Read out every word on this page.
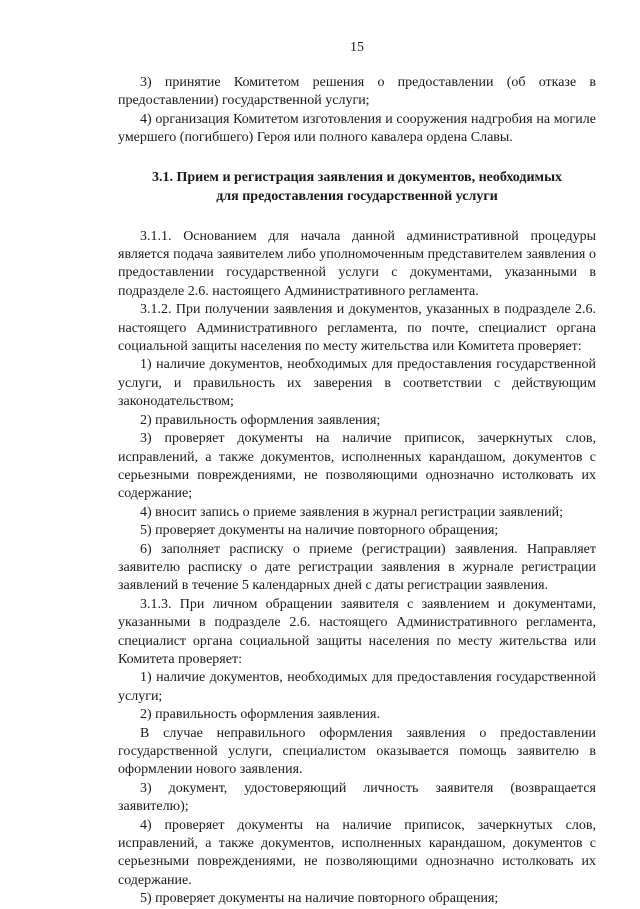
15

3) принятие Комитетом решения о предоставлении (об отказе в предоставлении) государственной услуги;

4) организация Комитетом изготовления и сооружения надгробия на могиле умершего (погибшего) Героя или полного кавалера ордена Славы.

3.1. Прием и регистрация заявления и документов, необходимых
для предоставления государственной услуги

3.1.1. Основанием для начала данной административной процедуры является подача заявителем либо уполномоченным представителем заявления о предоставлении государственной услуги с документами, указанными в подразделе 2.6. настоящего Административного регламента.

3.1.2. При получении заявления и документов, указанных в подразделе 2.6. настоящего Административного регламента, по почте, специалист органа социальной защиты населения по месту жительства или Комитета проверяет:

1) наличие документов, необходимых для предоставления государственной услуги, и правильность их заверения в соответствии с действующим законодательством;

2) правильность оформления заявления;

3) проверяет документы на наличие приписок, зачеркнутых слов, исправлений, а также документов, исполненных карандашом, документов с серьезными повреждениями, не позволяющими однозначно истолковать их содержание;

4) вносит запись о приеме заявления в журнал регистрации заявлений;

5) проверяет документы на наличие повторного обращения;

6) заполняет расписку о приеме (регистрации) заявления. Направляет заявителю расписку о дате регистрации заявления в журнале регистрации заявлений в течение 5 календарных дней с даты регистрации заявления.

3.1.3. При личном обращении заявителя с заявлением и документами, указанными в подразделе 2.6. настоящего Административного регламента, специалист органа социальной защиты населения по месту жительства или Комитета проверяет:

1) наличие документов, необходимых для предоставления государственной услуги;

2) правильность оформления заявления.

В случае неправильного оформления заявления о предоставлении государственной услуги, специалистом оказывается помощь заявителю в оформлении нового заявления.

3) документ, удостоверяющий личность заявителя (возвращается заявителю);

4) проверяет документы на наличие приписок, зачеркнутых слов, исправлений, а также документов, исполненных карандашом, документов с серьезными повреждениями, не позволяющими однозначно истолковать их содержание.

5) проверяет документы на наличие повторного обращения;
